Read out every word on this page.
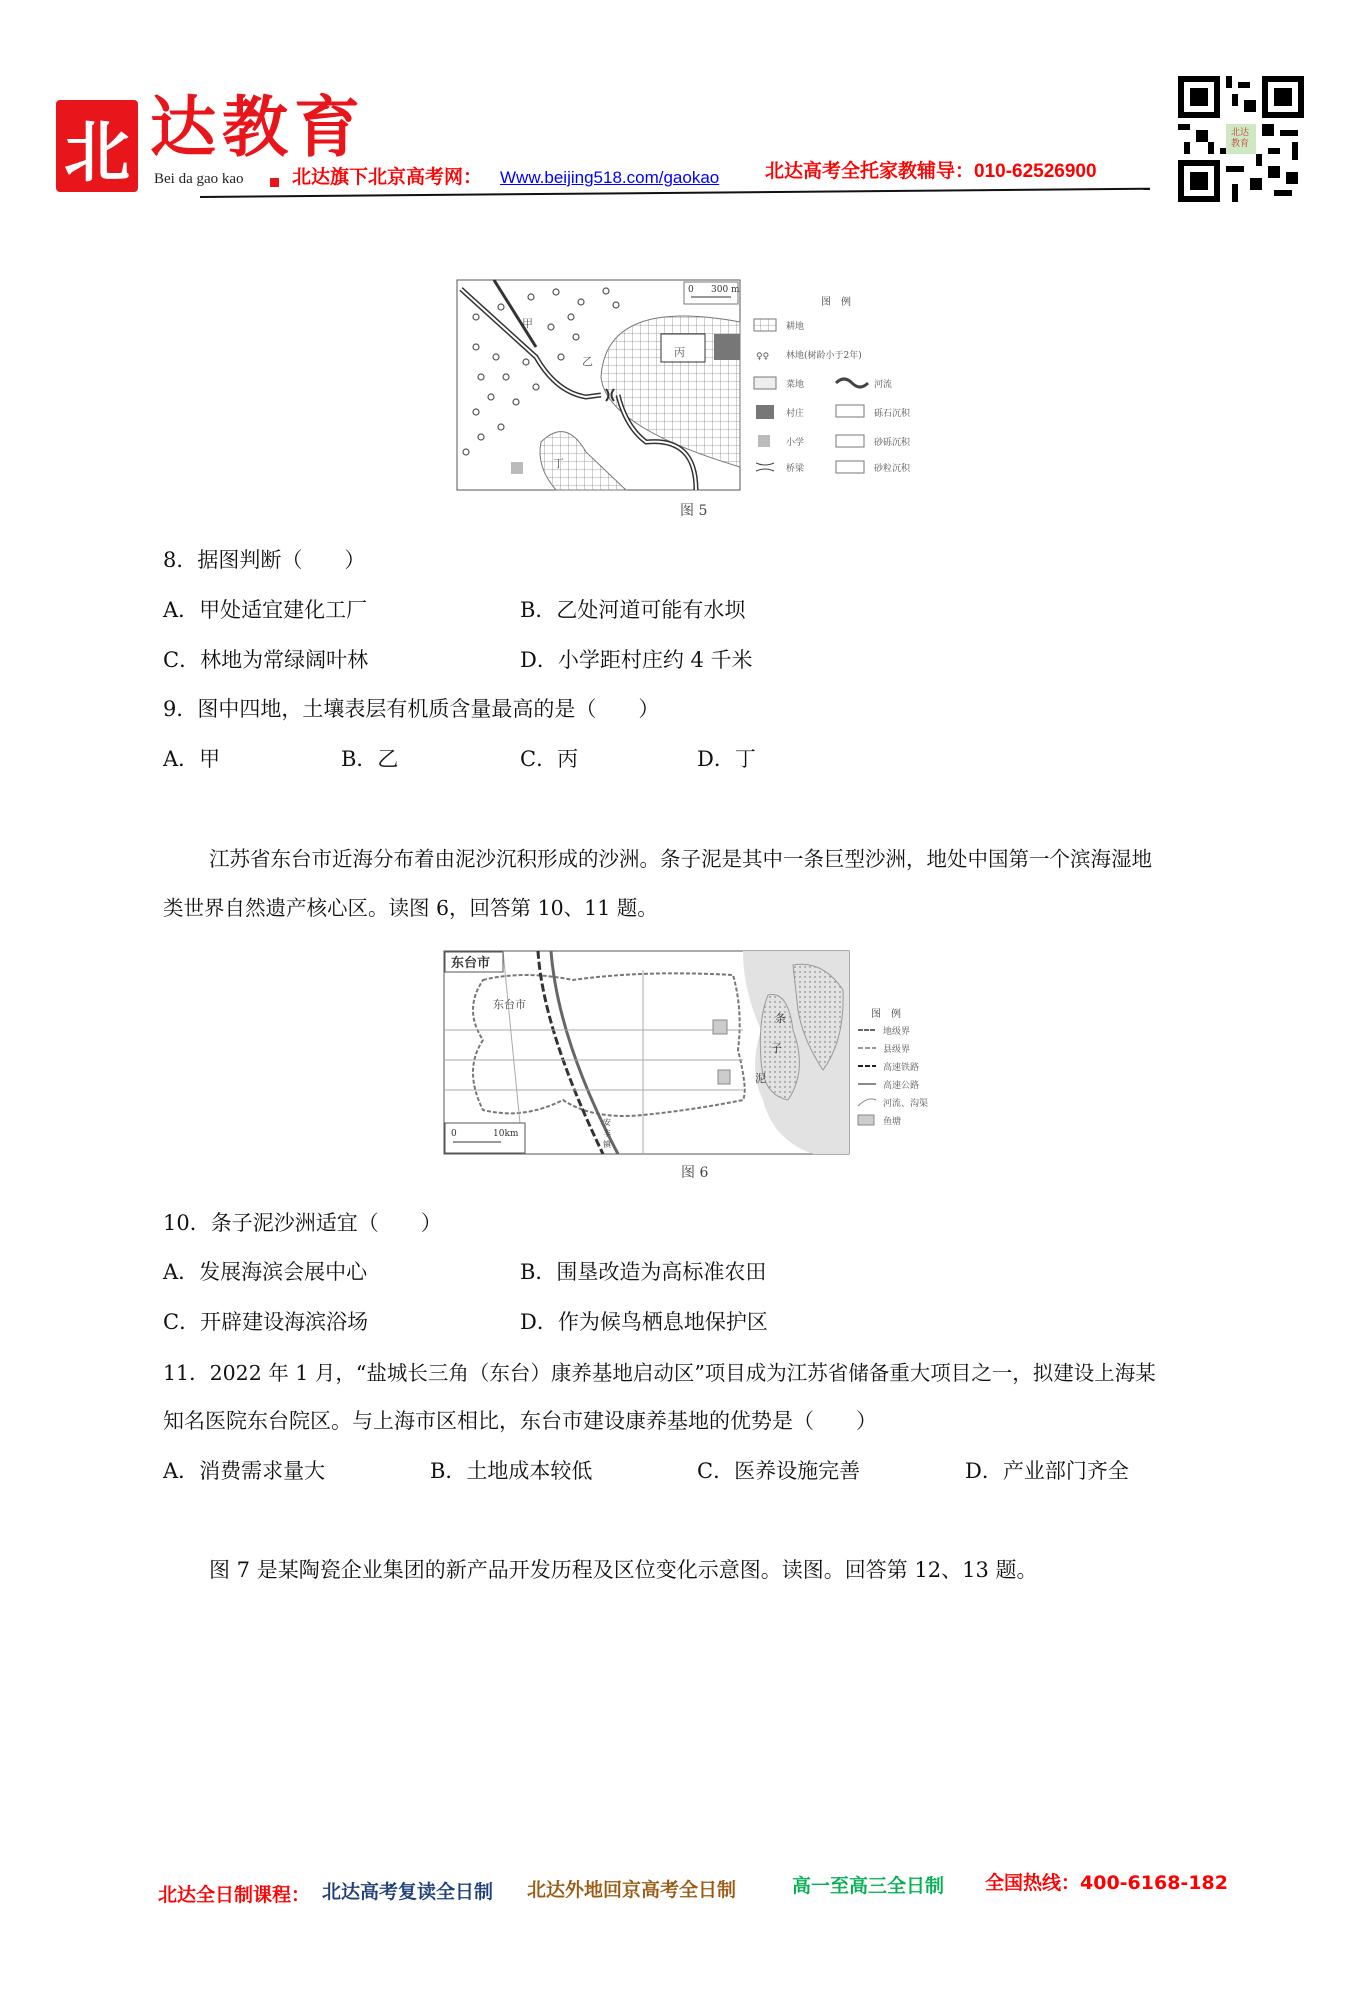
北 达教育
Bei da gao kao	北达旗下北京高考网： Www.beijing518.com/gaokao 北达高考全托家教辅导：010-62526900
北达教育
0 300 m
甲
乙
丙
丁
图　例
耕地
♀♀ 林地(树龄小于2年)
菜地	河流
村庄	砾石沉积
小学	砂砾沉积
桥梁	砂粒沉积
图 5
8．据图判断（　　）
A．甲处适宜建化工厂	B．乙处河道可能有水坝
C．林地为常绿阔叶林	D．小学距村庄约 4 千米
9．图中四地，土壤表层有机质含量最高的是（　　）
A．甲	B．乙	C．丙	D．丁
江苏省东台市近海分布着由泥沙沉积形成的沙洲。条子泥是其中一条巨型沙洲，地处中国第一个滨海湿地
类世界自然遗产核心区。读图 6，回答第 10、11 题。
东台市
东台市
条
子
泥
安
丰
镇
0	10km
图　例
地级界
县级界
高速铁路
高速公路
河流、沟渠
鱼塘
图 6
10．条子泥沙洲适宜（　　）
A．发展海滨会展中心	B．围垦改造为高标准农田
C．开辟建设海滨浴场	D．作为候鸟栖息地保护区
11．2022 年 1 月，“盐城长三角（东台）康养基地启动区”项目成为江苏省储备重大项目之一，拟建设上海某
知名医院东台院区。与上海市区相比，东台市建设康养基地的优势是（　　）
A．消费需求量大	B．土地成本较低	C．医养设施完善	D．产业部门齐全
图 7 是某陶瓷企业集团的新产品开发历程及区位变化示意图。读图。回答第 12、13 题。
北达全日制课程： 北达高考复读全日制 北达外地回京高考全日制	高一至高三全日制 全国热线：400-6168-182
